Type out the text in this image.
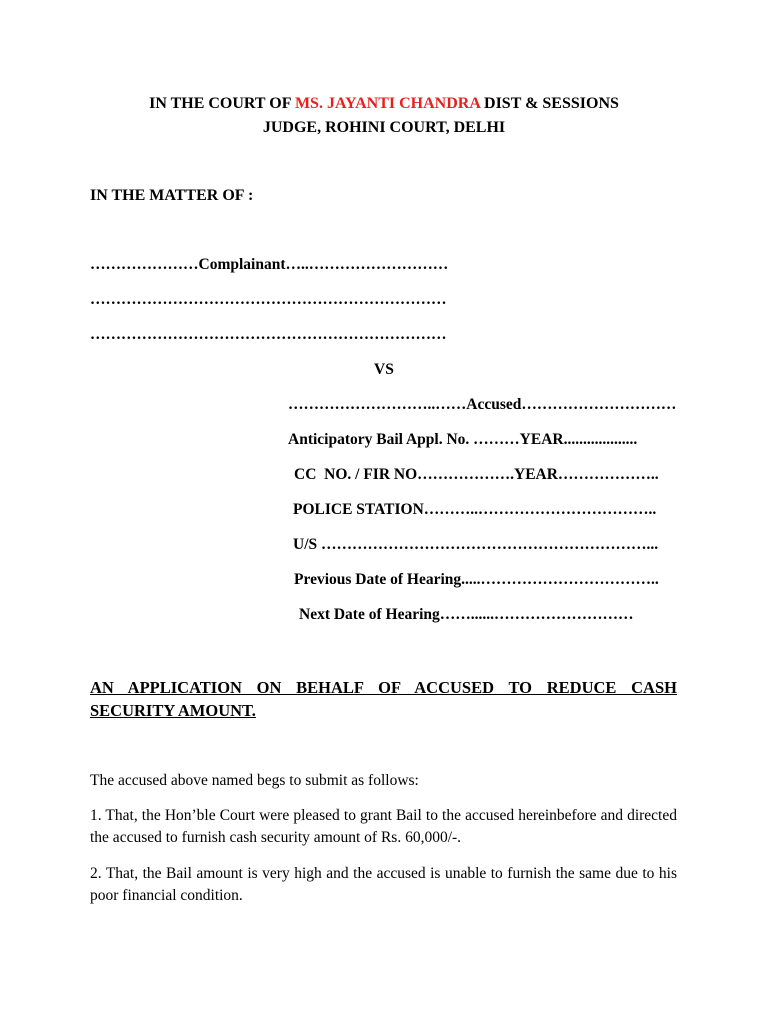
IN THE COURT OF MS. JAYANTI CHANDRA DIST & SESSIONS
JUDGE, ROHINI COURT, DELHI
IN THE MATTER OF :
…………………Complainant…..………………………
……………………………………………………………
……………………………………………………………
VS
………………………..……Accused…………………………
Anticipatory Bail Appl. No. ………YEAR...................
CC  NO. / FIR NO……………….YEAR………………..
POLICE STATION………..……………………………..
U/S ………………………………………………………...
Previous Date of Hearing.....……………………………..
Next Date of Hearing……......………………………
AN APPLICATION ON BEHALF OF ACCUSED TO REDUCE CASH SECURITY AMOUNT.
The accused above named begs to submit as follows:
1. That, the Hon’ble Court were pleased to grant Bail to the accused hereinbefore and directed the accused to furnish cash security amount of Rs. 60,000/-.
2. That, the Bail amount is very high and the accused is unable to furnish the same due to his poor financial condition.
